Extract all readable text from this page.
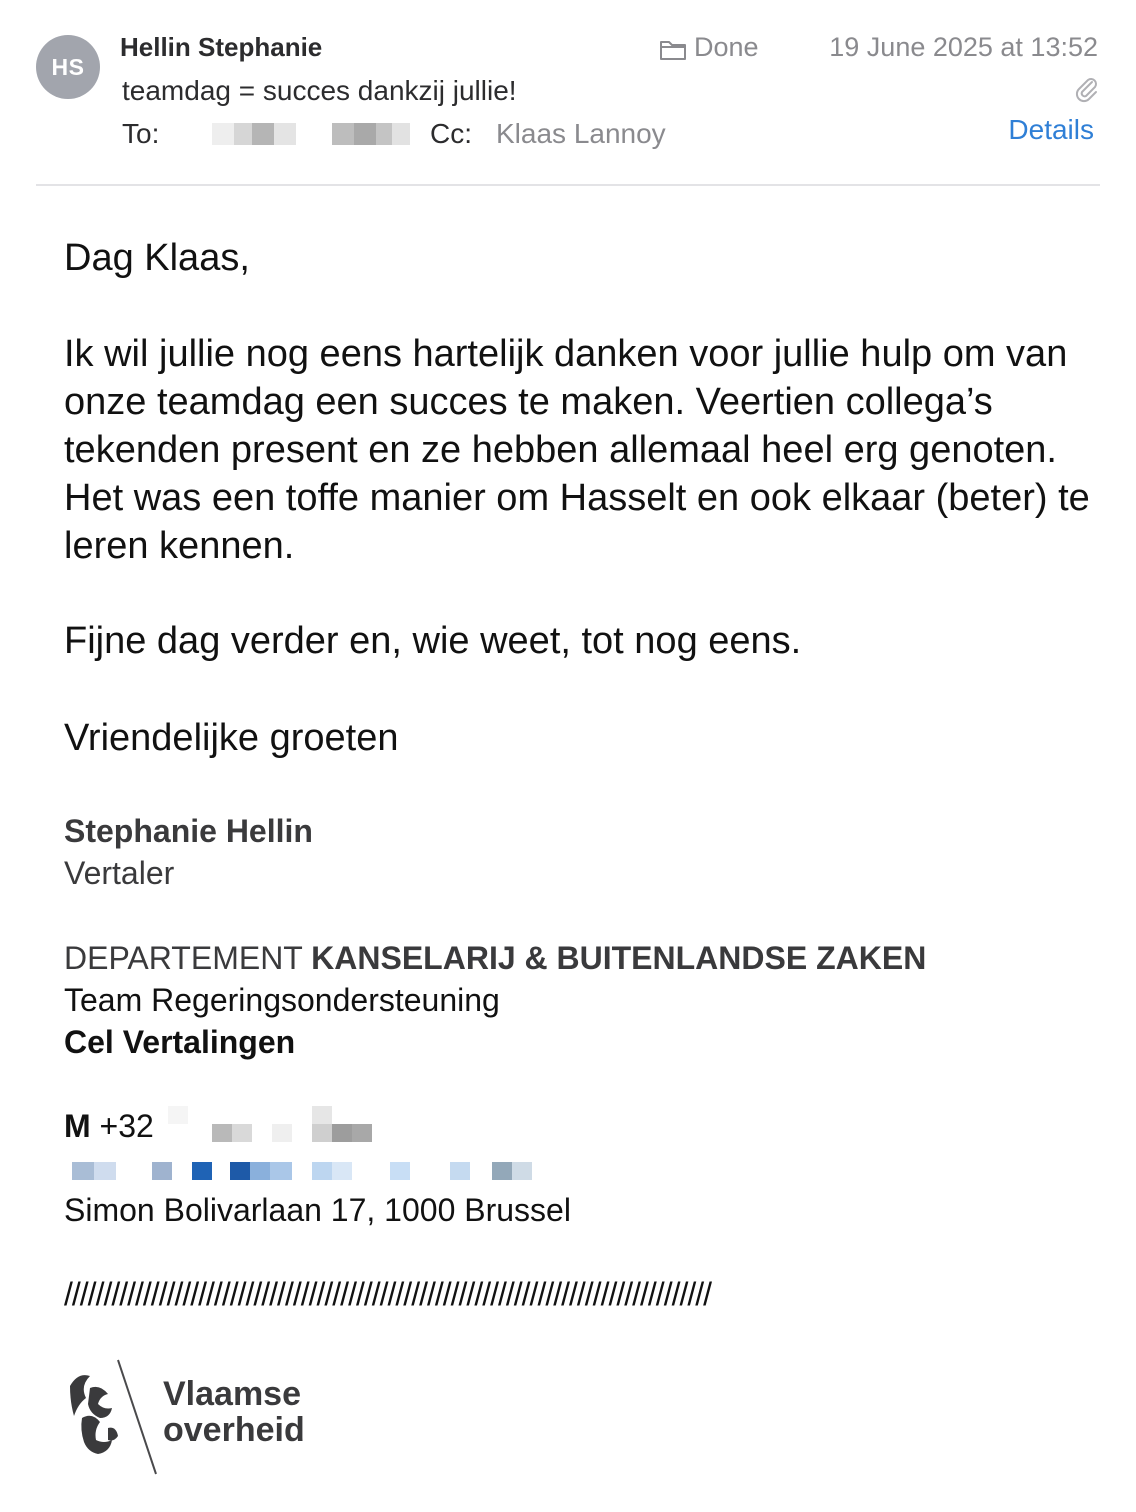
HS
Hellin Stephanie
teamdag = succes dankzij jullie!
To:	Cc: Klaas Lannoy
Done	19 June 2025 at 13:52
Details
Dag Klaas,
Ik wil jullie nog eens hartelijk danken voor jullie hulp om van onze teamdag een succes te maken. Veertien collega’s tekenden present en ze hebben allemaal heel erg genoten. Het was een toffe manier om Hasselt en ook elkaar (beter) te leren kennen.
Fijne dag verder en, wie weet, tot nog eens.
Vriendelijke groeten
Stephanie Hellin
Vertaler
DEPARTEMENT KANSELARIJ & BUITENLANDSE ZAKEN
Team Regeringsondersteuning
Cel Vertalingen
M +32
Simon Bolivarlaan 17, 1000 Brussel
//////////////////////////////////////////////////////////////////////////////////
Vlaamse
overheid
